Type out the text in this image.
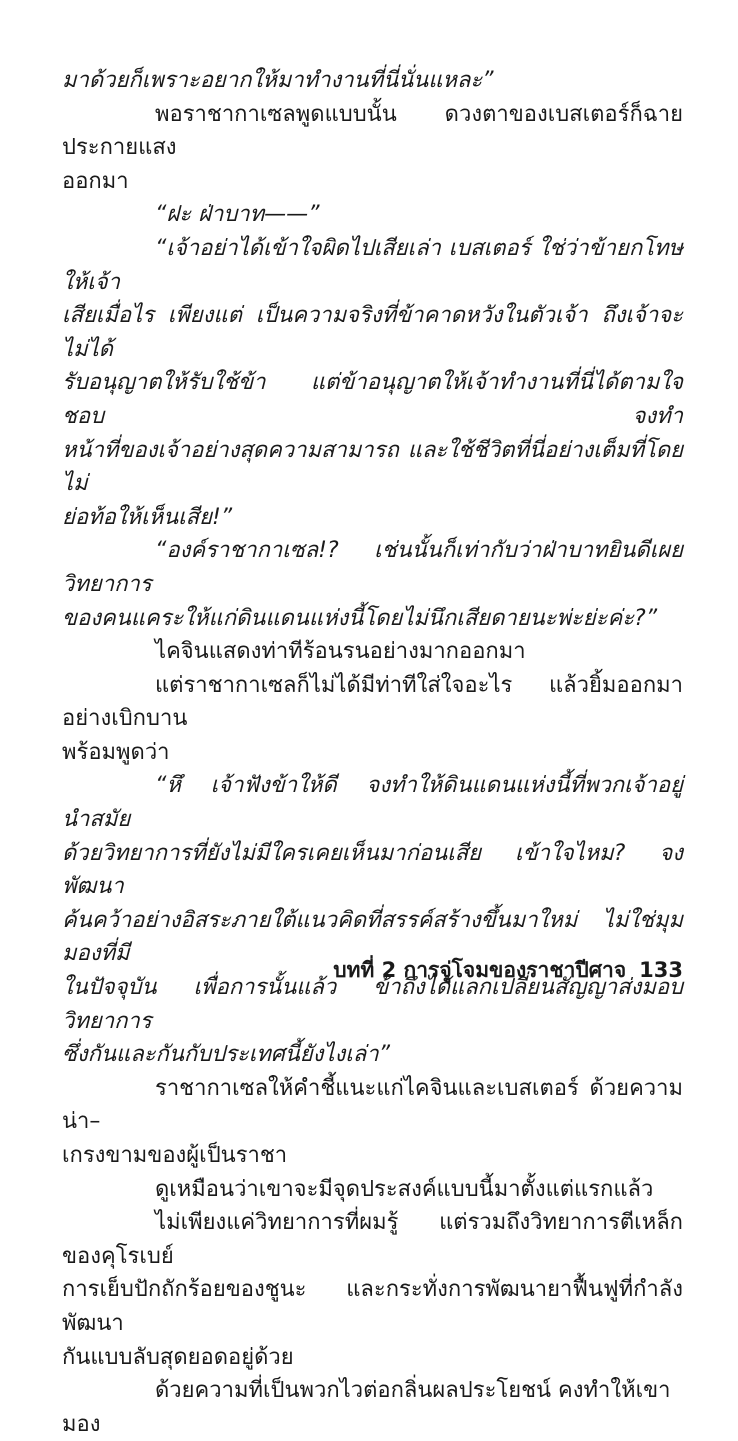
มาด้วยก็เพราะอยากให้มาทำงานที่นี่นั่นแหละ”

พอราชากาเซลพูดแบบนั้น ดวงตาของเบสเตอร์ก็ฉายประกายแสง
ออกมา

“ฝะ ฝ่าบาท——”

“เจ้าอย่าได้เข้าใจผิดไปเสียเล่า เบสเตอร์ ใช่ว่าข้ายกโทษให้เจ้า
เสียเมื่อไร เพียงแต่ เป็นความจริงที่ข้าคาดหวังในตัวเจ้า ถึงเจ้าจะไม่ได้
รับอนุญาตให้รับใช้ข้า แต่ข้าอนุญาตให้เจ้าทำงานที่นี่ได้ตามใจชอบ จงทำ
หน้าที่ของเจ้าอย่างสุดความสามารถ และใช้ชีวิตที่นี่อย่างเต็มที่โดยไม่
ย่อท้อให้เห็นเสีย!”

“องค์ราชากาเซล!? เช่นนั้นก็เท่ากับว่าฝ่าบาทยินดีเผยวิทยาการ
ของคนแคระให้แก่ดินแดนแห่งนี้โดยไม่นึกเสียดายนะพ่ะย่ะค่ะ?”

ไคจินแสดงท่าทีร้อนรนอย่างมากออกมา

แต่ราชากาเซลก็ไม่ได้มีท่าทีใส่ใจอะไร แล้วยิ้มออกมาอย่างเบิกบาน
พร้อมพูดว่า

“หึ เจ้าฟังข้าให้ดี จงทำให้ดินแดนแห่งนี้ที่พวกเจ้าอยู่ นำสมัย
ด้วยวิทยาการที่ยังไม่มีใครเคยเห็นมาก่อนเสีย เข้าใจไหม? จงพัฒนา
ค้นคว้าอย่างอิสระภายใต้แนวคิดที่สรรค์สร้างขึ้นมาใหม่ ไม่ใช่มุมมองที่มี
ในปัจจุบัน เพื่อการนั้นแล้ว ข้าถึงได้แลกเปลี่ยนสัญญาส่งมอบวิทยาการ
ซึ่งกันและกันกับประเทศนี้ยังไงเล่า”

ราชากาเซลให้คำชี้แนะแก่ไคจินและเบสเตอร์ ด้วยความน่า–
เกรงขามของผู้เป็นราชา

ดูเหมือนว่าเขาจะมีจุดประสงค์แบบนี้มาตั้งแต่แรกแล้ว

ไม่เพียงแค่วิทยาการที่ผมรู้ แต่รวมถึงวิทยาการตีเหล็กของคุโรเบย์
การเย็บปักถักร้อยของชูนะ และกระทั่งการพัฒนายาฟื้นฟูที่กำลังพัฒนา
กันแบบลับสุดยอดอยู่ด้วย

ด้วยความที่เป็นพวกไวต่อกลิ่นผลประโยชน์ คงทำให้เขามอง

บทที่ 2 การจู่โจมของราชาปีศาจ 133
